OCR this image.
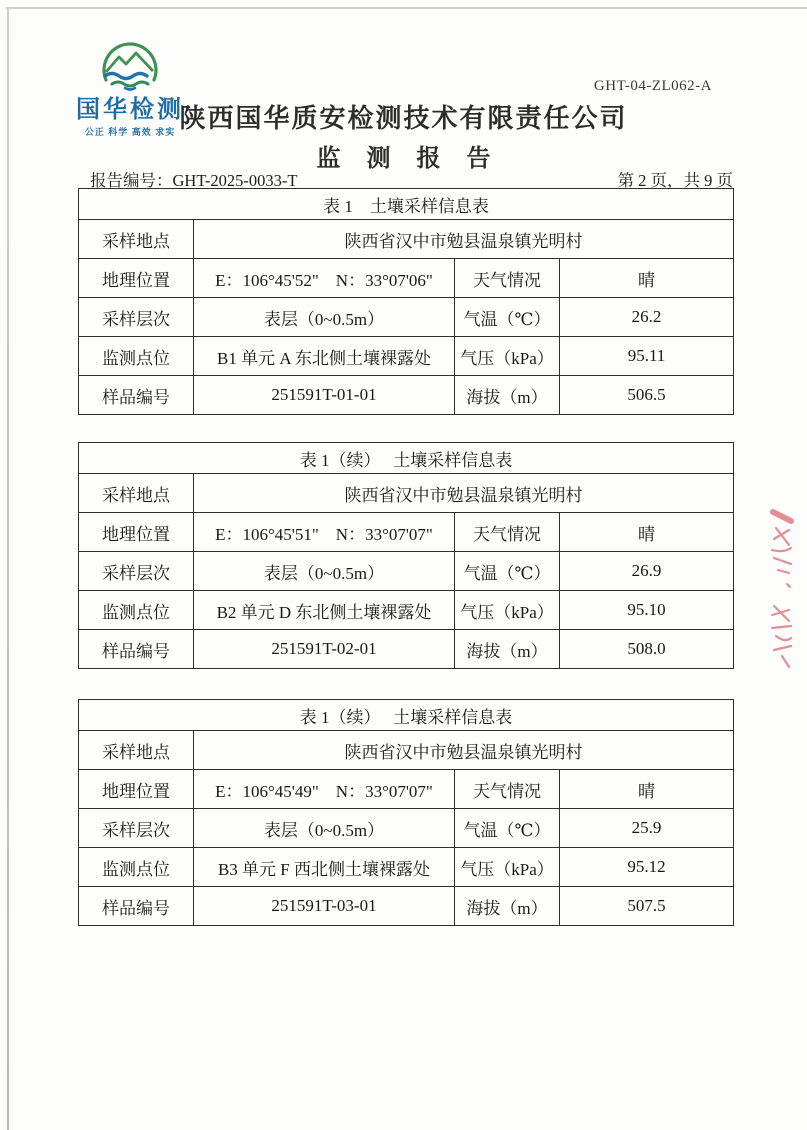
国华检测
公正 科学 高效 求实
GHT-04-ZL062-A
陕西国华质安检测技术有限责任公司
监测报告
报告编号：GHT-2025-0033-T	第 2 页，共 9 页
表 1　土壤采样信息表			
采样地点	陕西省汉中市勉县温泉镇光明村		
地理位置	E：106°45'52"　N：33°07'06"	天气情况	晴
采样层次	表层（0~0.5m）	气温（℃）	26.2
监测点位	B1 单元 A 东北侧土壤裸露处	气压（kPa）	95.11
样品编号	251591T-01-01	海拔（m）	506.5
表 1（续）　 土壤采样信息表			
采样地点	陕西省汉中市勉县温泉镇光明村		
地理位置	E：106°45'51"　N：33°07'07"	天气情况	晴
采样层次	表层（0~0.5m）	气温（℃）	26.9
监测点位	B2 单元 D 东北侧土壤裸露处	气压（kPa）	95.10
样品编号	251591T-02-01	海拔（m）	508.0
表 1（续）　 土壤采样信息表			
采样地点	陕西省汉中市勉县温泉镇光明村		
地理位置	E：106°45'49"　N：33°07'07"	天气情况	晴
采样层次	表层（0~0.5m）	气温（℃）	25.9
监测点位	B3 单元 F 西北侧土壤裸露处	气压（kPa）	95.12
样品编号	251591T-03-01	海拔（m）	507.5
